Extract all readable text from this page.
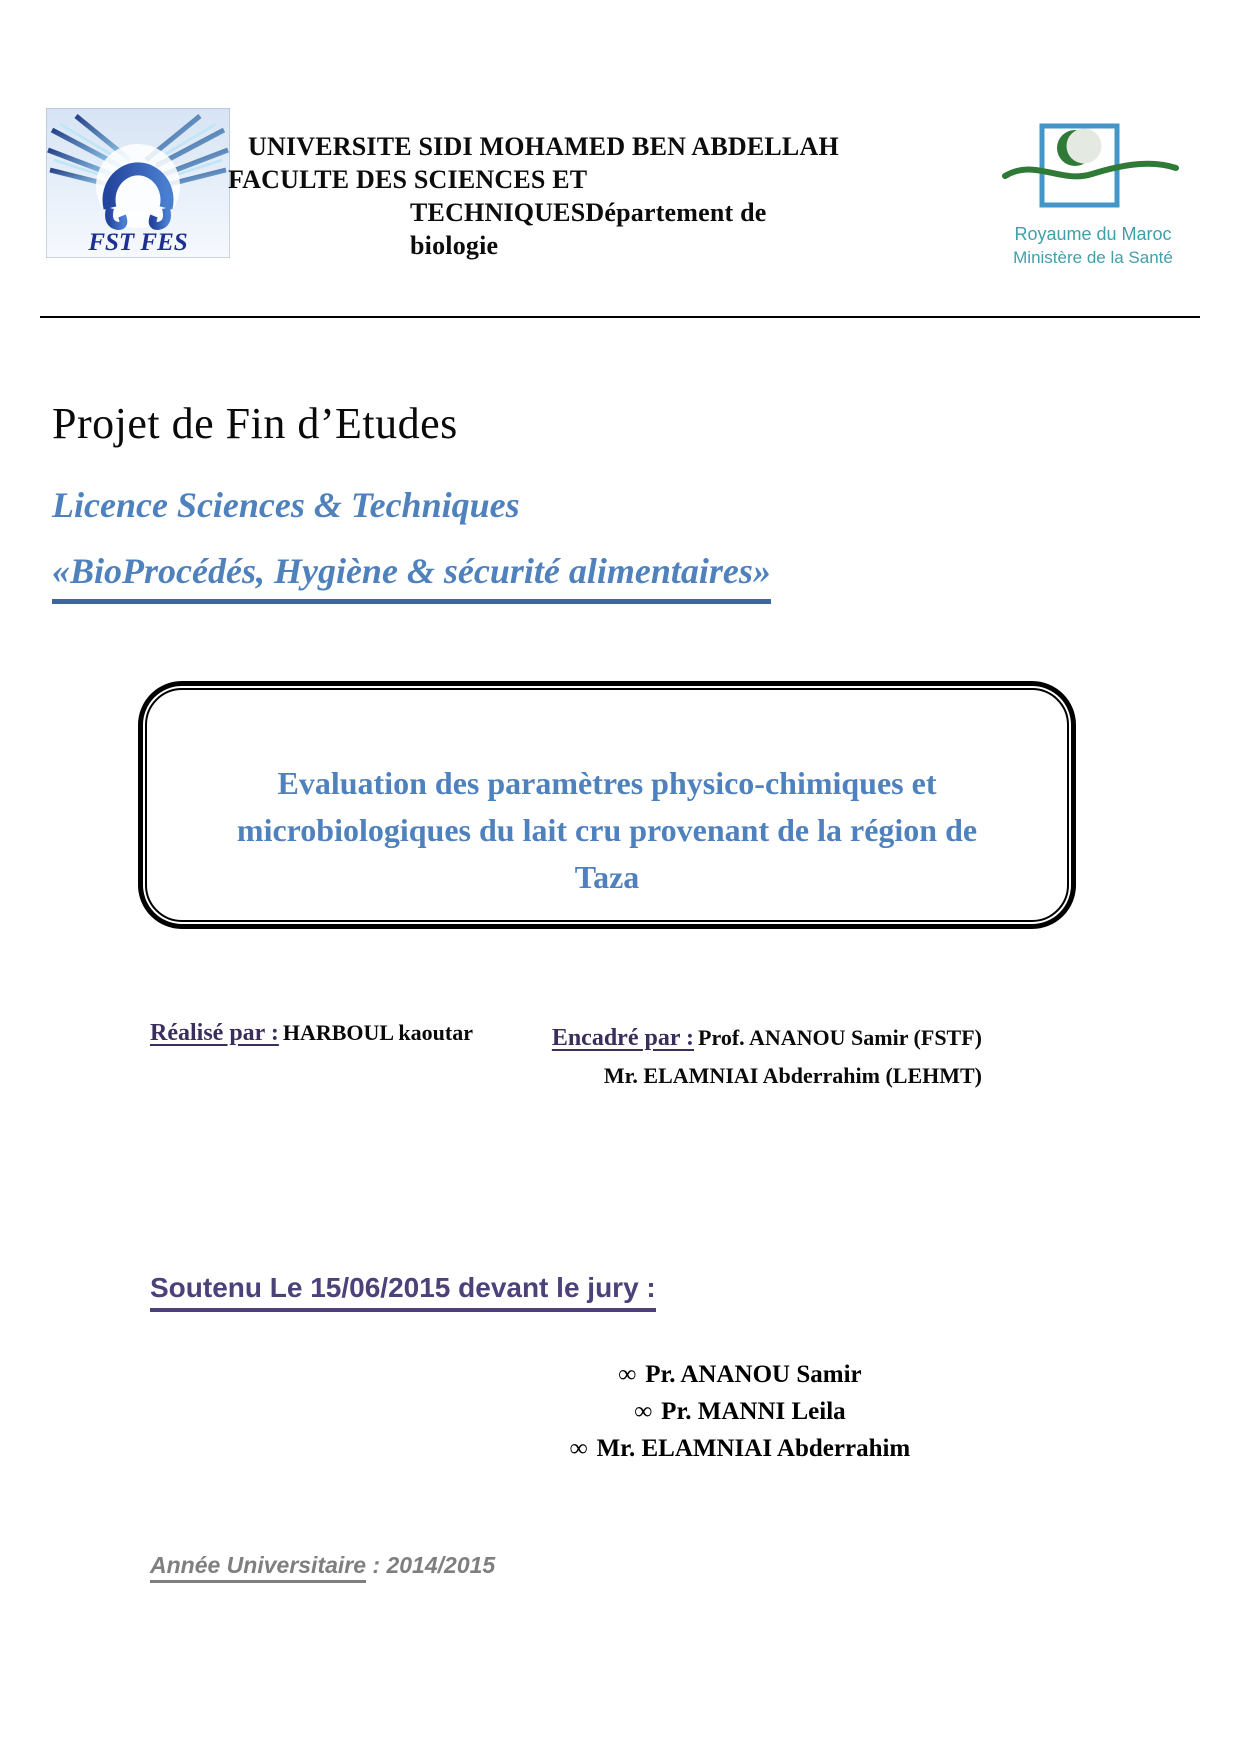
FST FES
UNIVERSITE SIDI MOHAMED BEN ABDELLAH
FACULTE DES SCIENCES ET
TECHNIQUESDépartement de
biologie	Royaume du Maroc
Ministère de la Santé
Projet de Fin d’Etudes
Licence Sciences & Techniques
«BioProcédés, Hygiène & sécurité alimentaires»
Evaluation des paramètres physico-chimiques et
microbiologiques du lait cru provenant de la région de
Taza
Réalisé par : HARBOUL kaoutar	Encadré par : Prof. ANANOU Samir (FSTF)
Mr. ELAMNIAI Abderrahim (LEHMT)
Soutenu Le 15/06/2015 devant le jury :
∞ Pr. ANANOU Samir
∞ Pr. MANNI Leila
∞ Mr. ELAMNIAI Abderrahim
Année Universitaire : 2014/2015
